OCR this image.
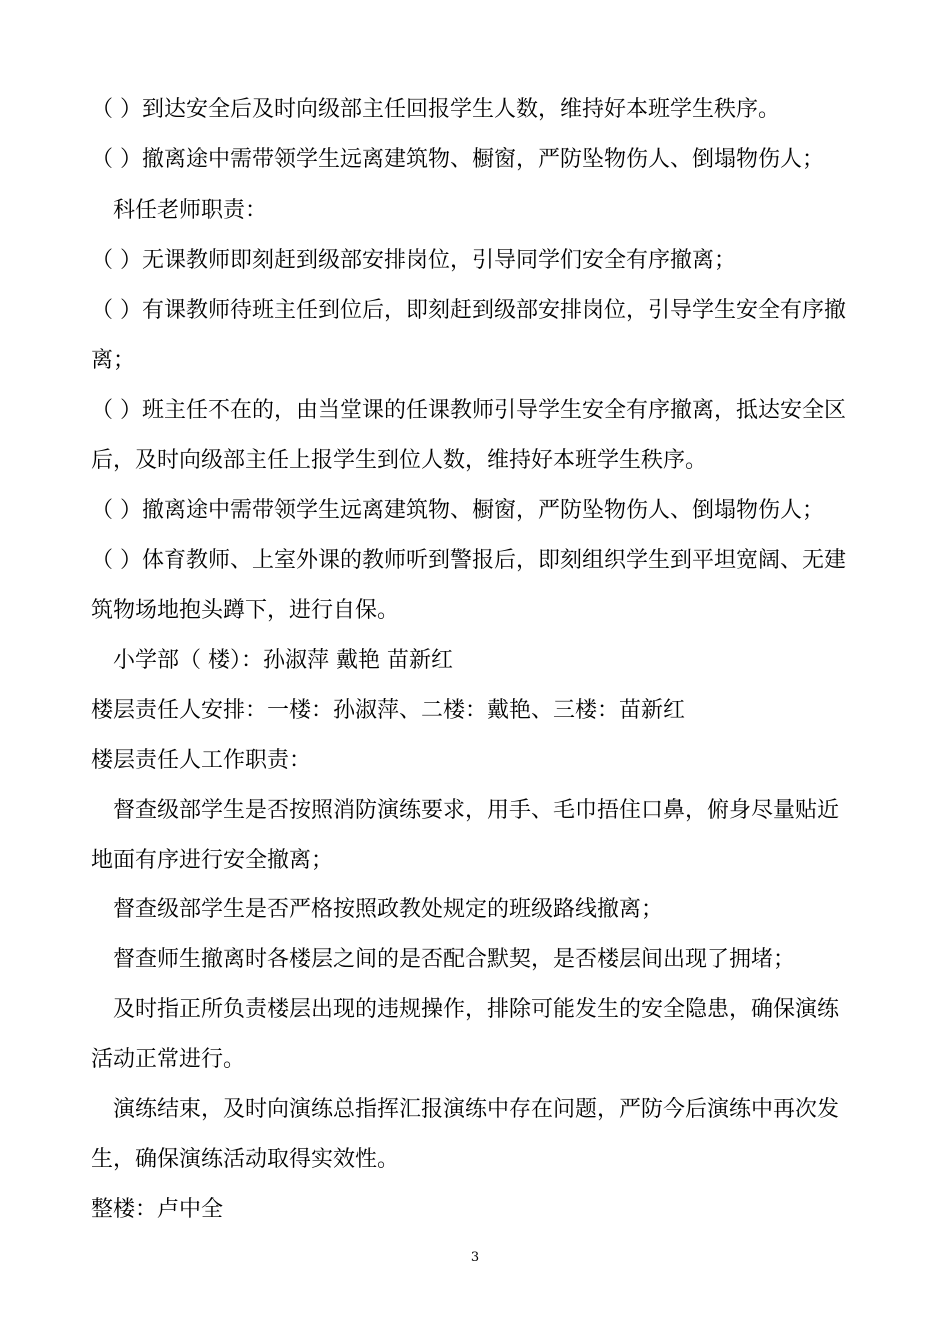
（ ）到达安全后及时向级部主任回报学生人数，维持好本班学生秩序。
（ ）撤离途中需带领学生远离建筑物、橱窗，严防坠物伤人、倒塌物伤人；
科任老师职责：
（ ）无课教师即刻赶到级部安排岗位，引导同学们安全有序撤离；
（ ）有课教师待班主任到位后，即刻赶到级部安排岗位，引导学生安全有序撤
离；
（ ）班主任不在的，由当堂课的任课教师引导学生安全有序撤离，抵达安全区
后，及时向级部主任上报学生到位人数，维持好本班学生秩序。
（ ）撤离途中需带领学生远离建筑物、橱窗，严防坠物伤人、倒塌物伤人；
（ ）体育教师、上室外课的教师听到警报后，即刻组织学生到平坦宽阔、无建
筑物场地抱头蹲下，进行自保。
小学部（ 楼）：孙淑萍 戴艳 苗新红
楼层责任人安排：一楼：孙淑萍、二楼：戴艳、三楼：苗新红
楼层责任人工作职责：
督查级部学生是否按照消防演练要求，用手、毛巾捂住口鼻，俯身尽量贴近
地面有序进行安全撤离；
督查级部学生是否严格按照政教处规定的班级路线撤离；
督查师生撤离时各楼层之间的是否配合默契，是否楼层间出现了拥堵；
及时指正所负责楼层出现的违规操作，排除可能发生的安全隐患，确保演练
活动正常进行。
演练结束，及时向演练总指挥汇报演练中存在问题，严防今后演练中再次发
生，确保演练活动取得实效性。
整楼：卢中全
3
